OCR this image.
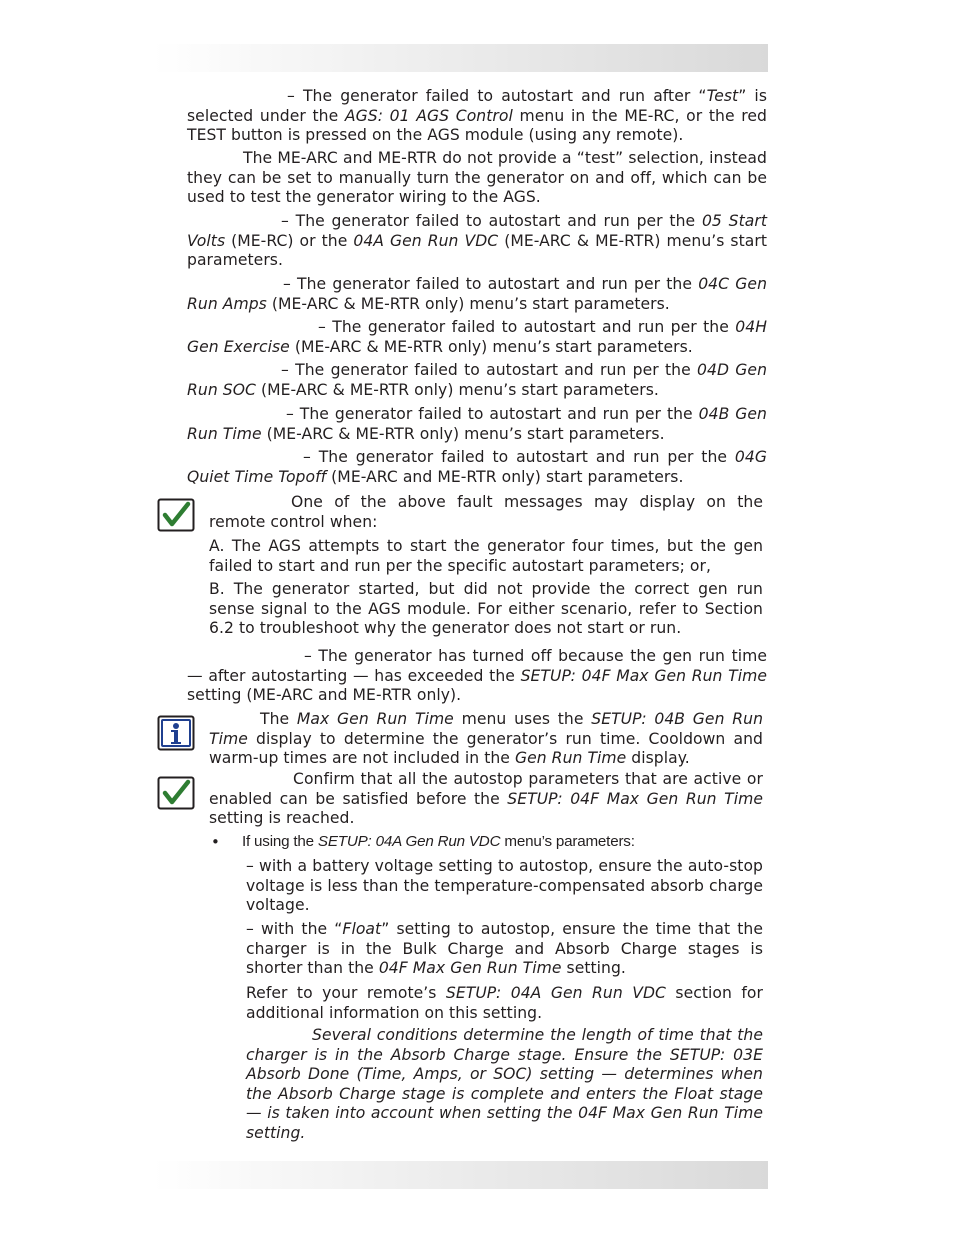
– The generator failed to autostart and run after “Test” is selected under the AGS: 01 AGS Control menu in the ME-RC, or the red TEST button is pressed on the AGS module (using any remote).
The ME-ARC and ME-RTR do not provide a “test” selection, instead they can be set to manually turn the generator on and off, which can be used to test the generator wiring to the AGS.
– The generator failed to autostart and run per the 05 Start Volts (ME-RC) or the 04A Gen Run VDC (ME-ARC & ME-RTR) menu’s start parameters.
– The generator failed to autostart and run per the 04C Gen Run Amps (ME-ARC & ME-RTR only) menu’s start parameters.
– The generator failed to autostart and run per the 04H Gen Exercise (ME-ARC & ME-RTR only) menu’s start parameters.
– The generator failed to autostart and run per the 04D Gen Run SOC (ME-ARC & ME-RTR only) menu’s start parameters.
– The generator failed to autostart and run per the 04B Gen Run Time (ME-ARC & ME-RTR only) menu’s start parameters.
– The generator failed to autostart and run per the 04G Quiet Time Topoff (ME-ARC and ME-RTR only) start parameters.
One of the above fault messages may display on the remote control when:
A. The AGS attempts to start the generator four times, but the gen failed to start and run per the specific autostart parameters; or,
B. The generator started, but did not provide the correct gen run sense signal to the AGS module. For either scenario, refer to Section 6.2 to troubleshoot why the generator does not start or run.
– The generator has turned off because the gen run time — after autostarting — has exceeded the SETUP: 04F Max Gen Run Time setting (ME-ARC and ME-RTR only).
The Max Gen Run Time menu uses the SETUP: 04B Gen Run Time display to determine the generator’s run time. Cooldown and warm-up times are not included in the Gen Run Time display.
Confirm that all the autostop parameters that are active or enabled can be satisfied before the SETUP: 04F Max Gen Run Time setting is reached.
• If using the SETUP: 04A Gen Run VDC menu’s parameters:
– with a battery voltage setting to autostop, ensure the auto-stop voltage is less than the temperature-compensated absorb charge voltage.
– with the “Float” setting to autostop, ensure the time that the charger is in the Bulk Charge and Absorb Charge stages is shorter than the 04F Max Gen Run Time setting.
Refer to your remote’s SETUP: 04A Gen Run VDC section for additional information on this setting.
Several conditions determine the length of time that the charger is in the Absorb Charge stage. Ensure the SETUP: 03E Absorb Done (Time, Amps, or SOC) setting — determines when the Absorb Charge stage is complete and enters the Float stage — is taken into account when setting the 04F Max Gen Run Time setting.
